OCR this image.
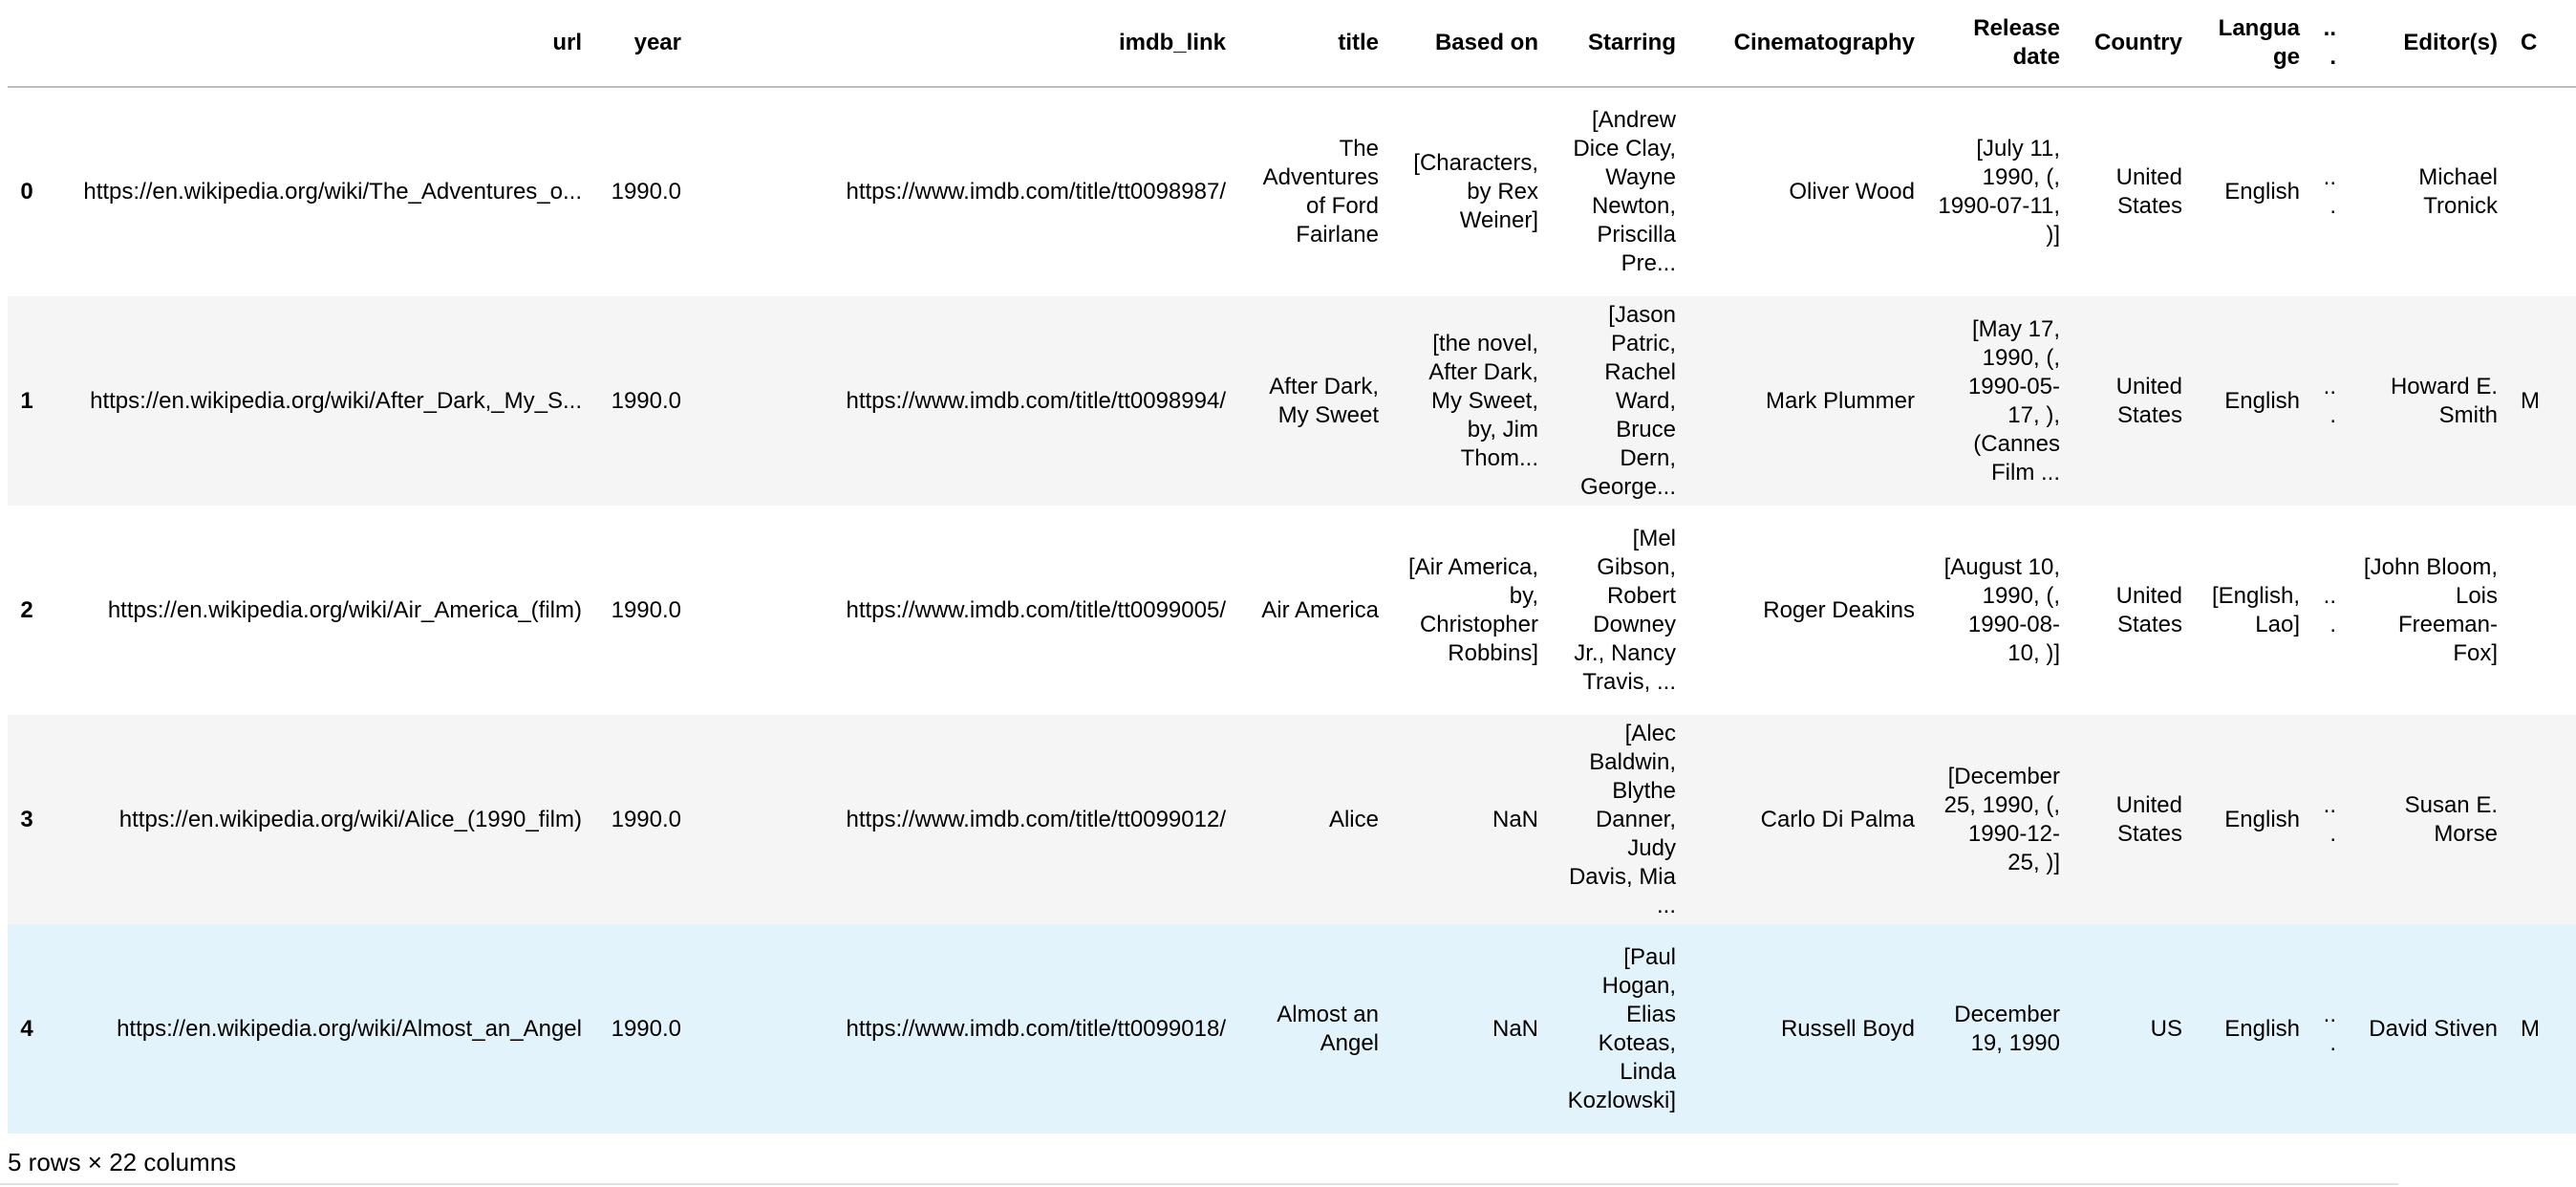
	url	year	imdb_link	title	Based on	Starring	Cinematography	Release date	Country	Language	...	Editor(s)	C
0	https://en.wikipedia.org/wiki/The_Adventures_o...	1990.0	https://www.imdb.com/title/tt0098987/	The Adventures of Ford Fairlane	[Characters, by Rex Weiner]	[Andrew Dice Clay, Wayne Newton, Priscilla Pre...	Oliver Wood	[July 11, 1990, (, 1990-07-11, )]	United States	English	...	Michael Tronick	
1	https://en.wikipedia.org/wiki/After_Dark,_My_S...	1990.0	https://www.imdb.com/title/tt0098994/	After Dark, My Sweet	[the novel, After Dark, My Sweet, by, Jim Thom...	[Jason Patric, Rachel Ward, Bruce Dern, George...	Mark Plummer	[May 17, 1990, (, 1990-05-17, ), (Cannes Film ...	United States	English	...	Howard E. Smith	M
2	https://en.wikipedia.org/wiki/Air_America_(film)	1990.0	https://www.imdb.com/title/tt0099005/	Air America	[Air America, by, Christopher Robbins]	[Mel Gibson, Robert Downey Jr., Nancy Travis, ...	Roger Deakins	[August 10, 1990, (, 1990-08-10, )]	United States	[English, Lao]	...	[John Bloom, Lois Freeman-Fox]	
3	https://en.wikipedia.org/wiki/Alice_(1990_film)	1990.0	https://www.imdb.com/title/tt0099012/	Alice	NaN	[Alec Baldwin, Blythe Danner, Judy Davis, Mia ...	Carlo Di Palma	[December 25, 1990, (, 1990-12-25, )]	United States	English	...	Susan E. Morse	
4	https://en.wikipedia.org/wiki/Almost_an_Angel	1990.0	https://www.imdb.com/title/tt0099018/	Almost an Angel	NaN	[Paul Hogan, Elias Koteas, Linda Kozlowski]	Russell Boyd	December 19, 1990	US	English	...	David Stiven	M
5 rows × 22 columns
